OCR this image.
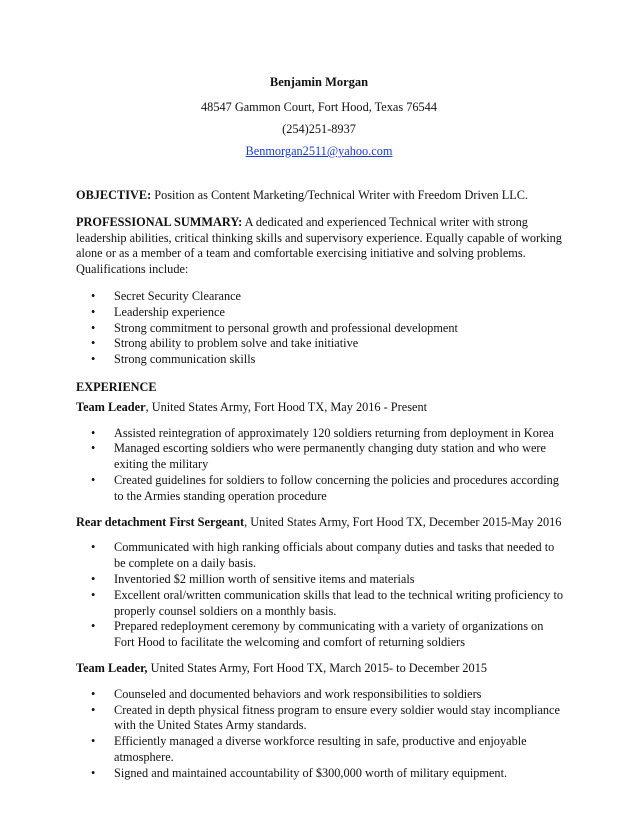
Benjamin Morgan
48547 Gammon Court, Fort Hood, Texas 76544
(254)251-8937
Benmorgan2511@yahoo.com

OBJECTIVE: Position as Content Marketing/Technical Writer with Freedom Driven LLC.

PROFESSIONAL SUMMARY: A dedicated and experienced Technical writer with strong leadership abilities, critical thinking skills and supervisory experience. Equally capable of working alone or as a member of a team and comfortable exercising initiative and solving problems. Qualifications include:

• Secret Security Clearance
• Leadership experience
• Strong commitment to personal growth and professional development
• Strong ability to problem solve and take initiative
• Strong communication skills
EXPERIENCE
Team Leader, United States Army, Fort Hood TX, May 2016 - Present
• Assisted reintegration of approximately 120 soldiers returning from deployment in Korea
• Managed escorting soldiers who were permanently changing duty station and who were exiting the military
• Created guidelines for soldiers to follow concerning the policies and procedures according to the Armies standing operation procedure
Rear detachment First Sergeant, United States Army, Fort Hood TX, December 2015-May 2016
• Communicated with high ranking officials about company duties and tasks that needed to be complete on a daily basis.
• Inventoried $2 million worth of sensitive items and materials
• Excellent oral/written communication skills that lead to the technical writing proficiency to properly counsel soldiers on a monthly basis.
• Prepared redeployment ceremony by communicating with a variety of organizations on Fort Hood to facilitate the welcoming and comfort of returning soldiers
Team Leader, United States Army, Fort Hood TX, March 2015- to December 2015
• Counseled and documented behaviors and work responsibilities to soldiers
• Created in depth physical fitness program to ensure every soldier would stay incompliance with the United States Army standards.
• Efficiently managed a diverse workforce resulting in safe, productive and enjoyable atmosphere.
• Signed and maintained accountability of $300,000 worth of military equipment.
